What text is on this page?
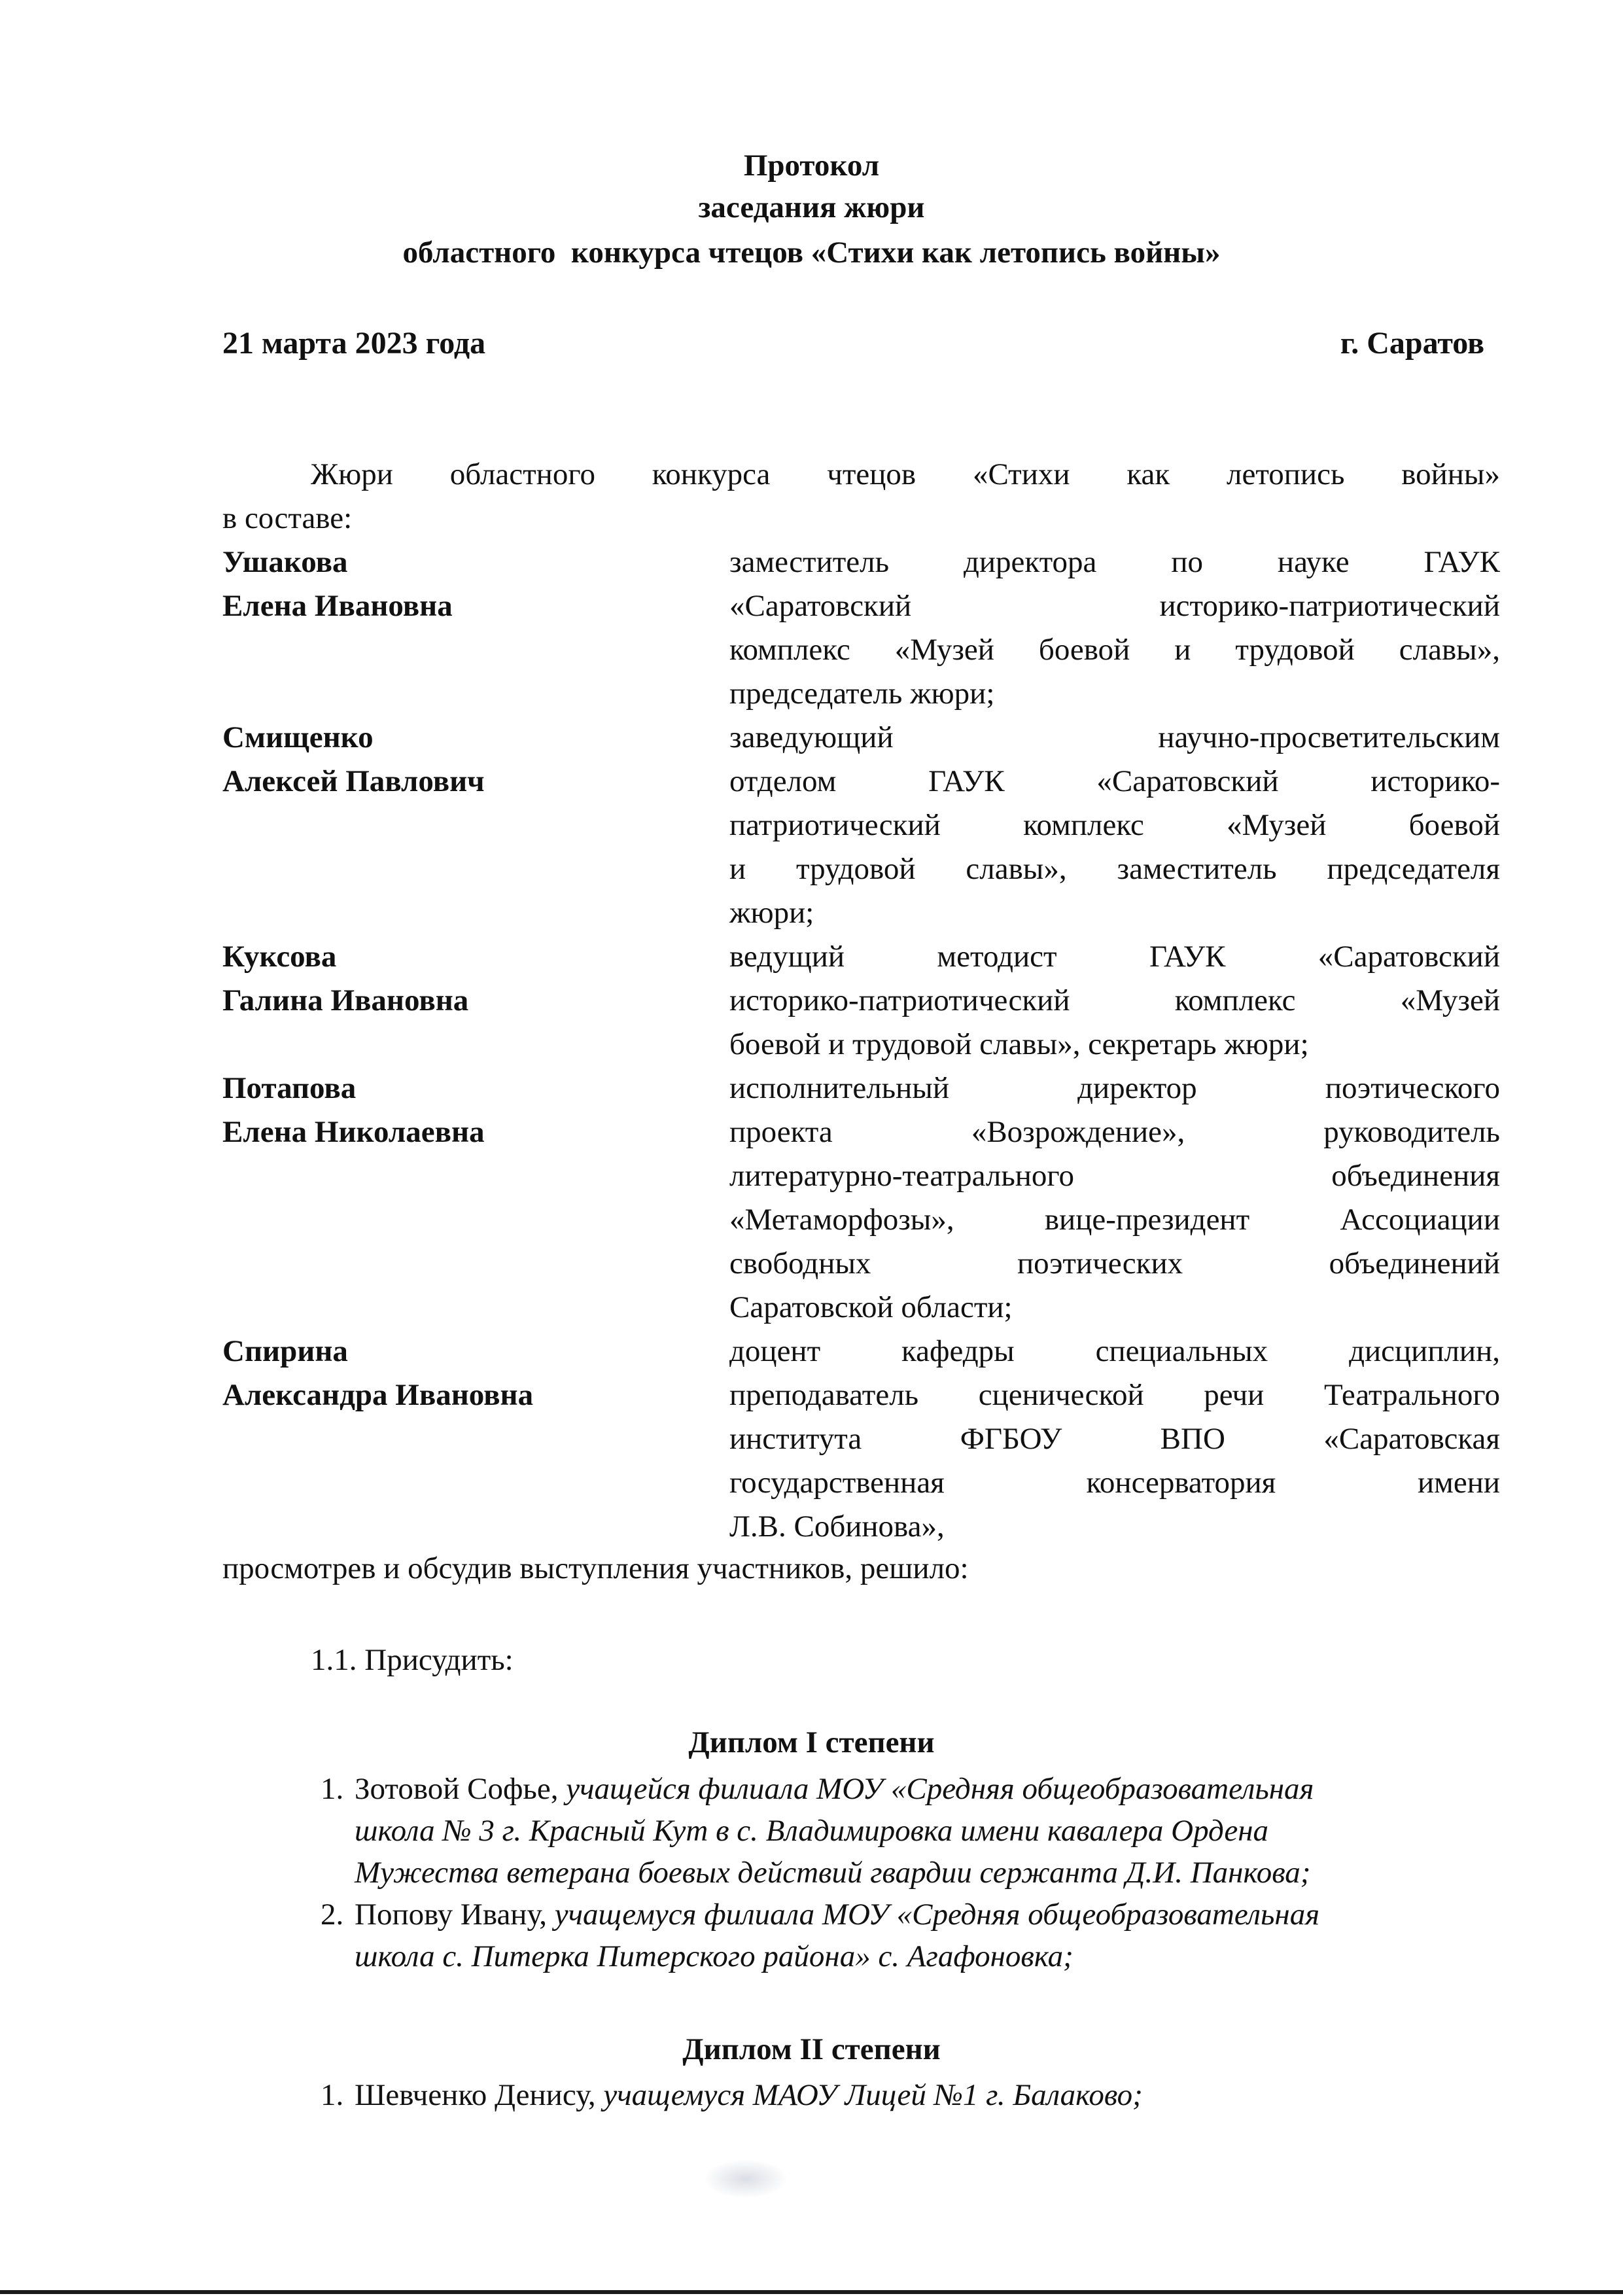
Протокол
заседания жюри
областного  конкурса чтецов «Стихи как летопись войны»
21 марта 2023 года	г. Саратов
Жюри областного конкурса чтецов «Стихи как летопись войны»
в составе:
Ушакова
Елена Ивановна
заместитель директора по науке ГАУК
«Саратовский историко-патриотический
комплекс «Музей боевой и трудовой славы»,
председатель жюри;
Смищенко
Алексей Павлович
заведующий научно-просветительским
отделом ГАУК «Саратовский историко-
патриотический комплекс «Музей боевой
и трудовой славы», заместитель председателя
жюри;
Куксова
Галина Ивановна
ведущий методист ГАУК «Саратовский
историко-патриотический комплекс «Музей
боевой и трудовой славы», секретарь жюри;
Потапова
Елена Николаевна
исполнительный директор поэтического
проекта «Возрождение», руководитель
литературно-театрального объединения
«Метаморфозы», вице-президент Ассоциации
свободных поэтических объединений
Саратовской области;
Спирина
Александра Ивановна
доцент кафедры специальных дисциплин,
преподаватель сценической речи Театрального
института ФГБОУ ВПО «Саратовская
государственная консерватория имени
Л.В. Собинова»,
просмотрев и обсудив выступления участников, решило:
1.1. Присудить:
Диплом I степени
1. Зотовой Софье, учащейся филиала МОУ «Средняя общеобразовательная
школа № 3 г. Красный Кут в с. Владимировка имени кавалера Ордена
Мужества ветерана боевых действий гвардии сержанта Д.И. Панкова;
2. Попову Ивану, учащемуся филиала МОУ «Средняя общеобразовательная
школа с. Питерка Питерского района» с. Агафоновка;
Диплом II степени
1. Шевченко Денису, учащемуся МАОУ Лицей №1 г. Балаково;
